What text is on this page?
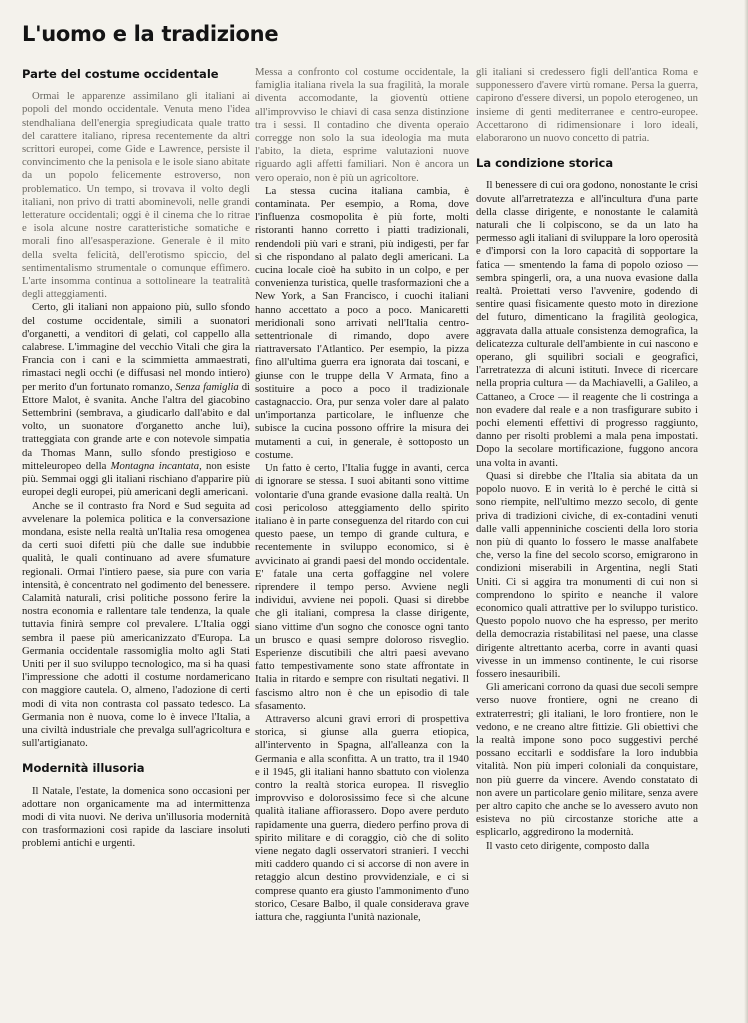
L'uomo e la tradizione
Parte del costume occidentale

Ormai le apparenze assimilano gli italiani ai popoli del mondo occidentale. Venuta meno l'idea stendhaliana dell'energia spregiudicata quale tratto del carattere italiano, ripresa recentemente da altri scrittori europei, come Gide e Lawrence, persiste il convincimento che la penisola e le isole siano abitate da un popolo felicemente estroverso, non problematico. Un tempo, si trovava il volto degli italiani, non privo di tratti abominevoli, nelle grandi letterature occidentali; oggi è il cinema che lo ritrae e isola alcune nostre caratteristiche somatiche e morali fino all'esasperazione. Generale è il mito della svelta felicità, dell'erotismo spiccio, del sentimentalismo strumentale o comunque effimero. L'arte insomma continua a sottolineare la teatralità degli atteggiamenti.

Certo, gli italiani non appaiono più, sullo sfondo del costume occidentale, simili a suonatori d'organetti, a venditori di gelati, col cappello alla calabrese. L'immagine del vecchio Vitali che gira la Francia con i cani e la scimmietta ammaestrati, rimastaci negli occhi (e diffusasi nel mondo intiero) per merito d'un fortunato romanzo, Senza famiglia di Ettore Malot, è svanita. Anche l'altra del giacobino Settembrini (sembrava, a giudicarlo dall'abito e dal volto, un suonatore d'organetto anche lui), tratteggiata con grande arte e con notevole simpatia da Thomas Mann, sullo sfondo prestigioso e mitteleuropeo della Montagna incantata, non esiste più. Semmai oggi gli italiani rischiano d'apparire più europei degli europei, più americani degli americani.

Anche se il contrasto fra Nord e Sud seguita ad avvelenare la polemica politica e la conversazione mondana, esiste nella realtà un'Italia resa omogenea da certi suoi difetti più che dalle sue indubbie qualità, le quali continuano ad avere sfumature regionali. Ormai l'intiero paese, sia pure con varia intensità, è concentrato nel godimento del benessere. Calamità naturali, crisi politiche possono ferire la nostra economia e rallentare tale tendenza, la quale tuttavia finirà sempre col prevalere. L'Italia oggi sembra il paese più americanizzato d'Europa. La Germania occidentale rassomiglia molto agli Stati Uniti per il suo sviluppo tecnologico, ma si ha quasi l'impressione che adotti il costume nordamericano con maggiore cautela. O, almeno, l'adozione di certi modi di vita non contrasta col passato tedesco. La Germania non è nuova, come lo è invece l'Italia, a una civiltà industriale che prevalga sull'agricoltura e sull'artigianato.

Modernità illusoria

Il Natale, l'estate, la domenica sono occasioni per adottare non organicamente ma ad intermittenza modi di vita nuovi. Ne deriva un'illusoria modernità con trasformazioni così rapide da lasciare insoluti problemi antichi e urgenti.

Messa a confronto col costume occidentale, la famiglia italiana rivela la sua fragilità, la morale diventa accomodante, la gioventù ottiene all'improvviso le chiavi di casa senza distinzione tra i sessi. Il contadino che diventa operaio corregge non solo la sua ideologia ma muta l'abito, la dieta, esprime valutazioni nuove riguardo agli affetti familiari. Non è ancora un vero operaio, non è più un agricoltore.

La stessa cucina italiana cambia, è contaminata. Per esempio, a Roma, dove l'influenza cosmopolita è più forte, molti ristoranti hanno corretto i piatti tradizionali, rendendoli più vari e strani, più indigesti, per far sì che rispondano al palato degli americani. La cucina locale cioè ha subìto in un colpo, e per convenienza turistica, quelle trasformazioni che a New York, a San Francisco, i cuochi italiani hanno accettato a poco a poco. Manicaretti meridionali sono arrivati nell'Italia centro-settentrionale di rimando, dopo avere riattraversato l'Atlantico. Per esempio, la pizza fino all'ultima guerra era ignorata dai toscani, e giunse con le truppe della V Armata, fino a sostituire a poco a poco il tradizionale castagnaccio. Ora, pur senza voler dare al palato un'importanza particolare, le influenze che subisce la cucina possono offrire la misura dei mutamenti a cui, in generale, è sottoposto un costume.

Un fatto è certo, l'Italia fugge in avanti, cerca di ignorare se stessa. I suoi abitanti sono vittime volontarie d'una grande evasione dalla realtà. Un così pericoloso atteggiamento dello spirito italiano è in parte conseguenza del ritardo con cui questo paese, un tempo di grande cultura, e recentemente in sviluppo economico, si è avvicinato ai grandi paesi del mondo occidentale. E' fatale una certa goffaggine nel volere riprendere il tempo perso. Avviene negli individui, avviene nei popoli. Quasi si direbbe che gli italiani, compresa la classe dirigente, siano vittime d'un sogno che conosce ogni tanto un brusco e quasi sempre doloroso risveglio. Esperienze discutibili che altri paesi avevano fatto tempestivamente sono state affrontate in Italia in ritardo e sempre con risultati negativi. Il fascismo altro non è che un episodio di tale sfasamento.

Attraverso alcuni gravi errori di prospettiva storica, si giunse alla guerra etiopica, all'intervento in Spagna, all'alleanza con la Germania e alla sconfitta. A un tratto, tra il 1940 e il 1945, gli italiani hanno sbattuto con violenza contro la realtà storica europea. Il risveglio improvviso e dolorosissimo fece sì che alcune qualità italiane affiorassero. Dopo avere perduto rapidamente una guerra, diedero perfino prova di spirito militare e di coraggio, ciò che di solito viene negato dagli osservatori stranieri. I vecchi miti caddero quando ci si accorse di non avere in retaggio alcun destino provvidenziale, e ci si comprese quanto era giusto l'ammonimento d'uno storico, Cesare Balbo, il quale considerava grave iattura che, raggiunta l'unità nazionale,

gli italiani si credessero figli dell'antica Roma e supponessero d'avere virtù romane. Persa la guerra, capirono d'essere diversi, un popolo eterogeneo, un insieme di genti mediterranee e centro-europee. Accettarono di ridimensionare i loro ideali, elaborarono un nuovo concetto di patria.

La condizione storica

Il benessere di cui ora godono, nonostante le crisi dovute all'arretratezza e all'incultura d'una parte della classe dirigente, e nonostante le calamità naturali che li colpiscono, se da un lato ha permesso agli italiani di sviluppare la loro operosità e d'imporsi con la loro capacità di sopportare la fatica — smentendo la fama di popolo ozioso — sembra spingerli, ora, a una nuova evasione dalla realtà. Proiettati verso l'avvenire, godendo di sentire quasi fisicamente questo moto in direzione del futuro, dimenticano la fragilità geologica, aggravata dalla attuale consistenza demografica, la delicatezza culturale dell'ambiente in cui nascono e operano, gli squilibri sociali e geografici, l'arretratezza di alcuni istituti. Invece di ricercare nella propria cultura — da Machiavelli, a Galileo, a Cattaneo, a Croce — il reagente che li costringa a non evadere dal reale e a non trasfigurare subito i pochi elementi effettivi di progresso raggiunto, danno per risolti problemi a mala pena impostati. Dopo la secolare mortificazione, fuggono ancora una volta in avanti.

Quasi si direbbe che l'Italia sia abitata da un popolo nuovo. E in verità lo è perché le città si sono riempite, nell'ultimo mezzo secolo, di gente priva di tradizioni civiche, di ex-contadini venuti dalle valli appenniniche coscienti della loro storia non più di quanto lo fossero le masse analfabete che, verso la fine del secolo scorso, emigrarono in condizioni miserabili in Argentina, negli Stati Uniti. Ci si aggira tra monumenti di cui non si comprendono lo spirito e neanche il valore economico quali attrattive per lo sviluppo turistico. Questo popolo nuovo che ha espresso, per merito della democrazia ristabilitasi nel paese, una classe dirigente altrettanto acerba, corre in avanti quasi vivesse in un immenso continente, le cui risorse fossero inesauribili.

Gli americani corrono da quasi due secoli sempre verso nuove frontiere, ogni ne creano di extraterrestri; gli italiani, le loro frontiere, non le vedono, e ne creano altre fittizie. Gli obiettivi che la realtà impone sono poco suggestivi perché possano eccitarli e soddisfare la loro indubbia vitalità. Non più imperi coloniali da conquistare, non più guerre da vincere. Avendo constatato di non avere un particolare genio militare, senza avere per altro capito che anche se lo avessero avuto non esisteva no più circostanze storiche atte a esplicarlo, aggredirono la modernità.

Il vasto ceto dirigente, composto dalla
